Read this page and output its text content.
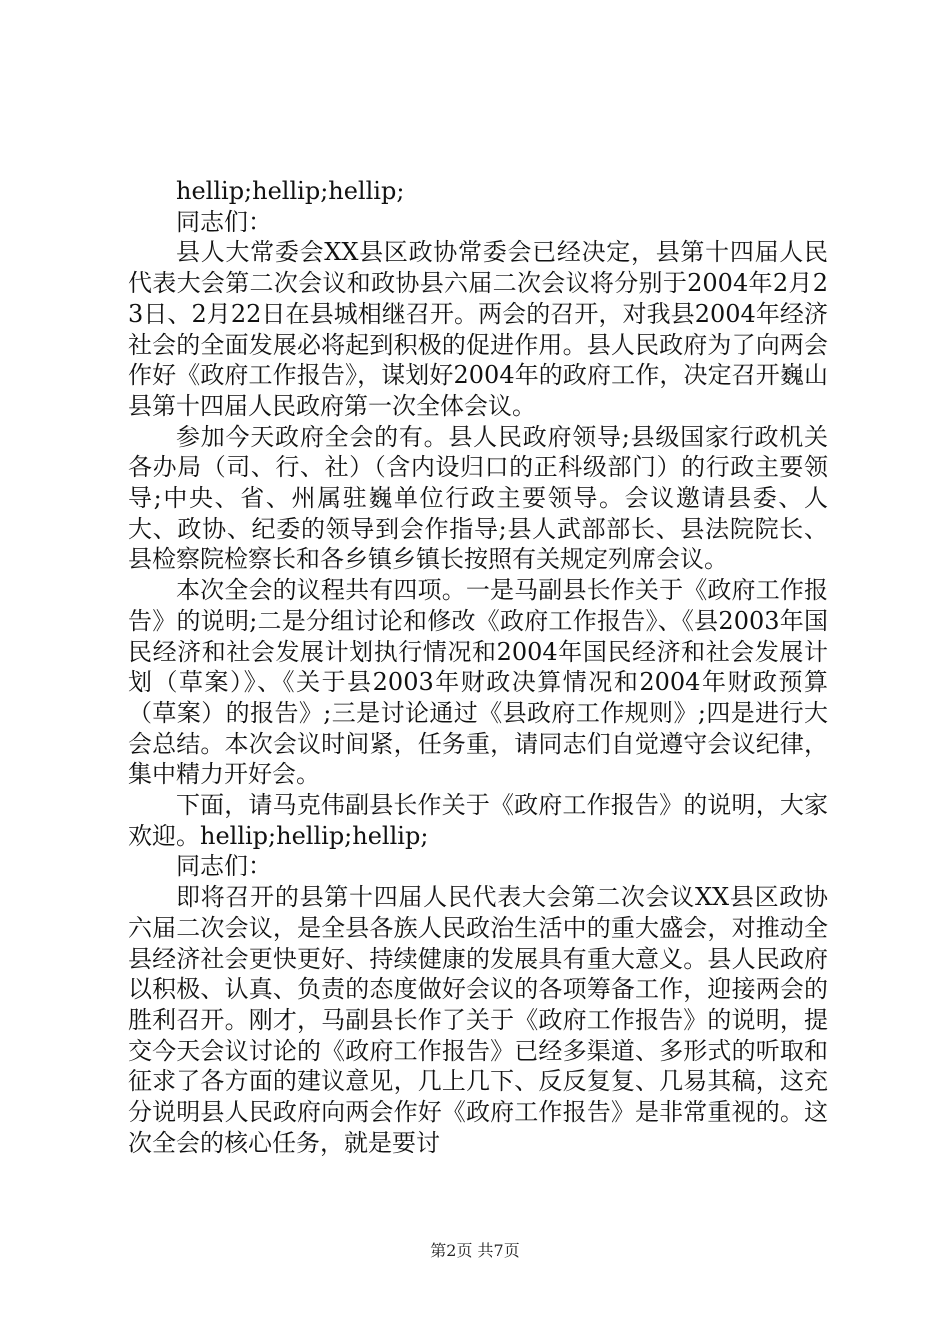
hellip;hellip;hellip;

同志们：

县人大常委会XX县区政协常委会已经决定，县第十四届人民代表大会第二次会议和政协县六届二次会议将分别于2004年2月23日、2月22日在县城相继召开。两会的召开，对我县2004年经济社会的全面发展必将起到积极的促进作用。县人民政府为了向两会作好《政府工作报告》，谋划好2004年的政府工作，决定召开巍山县第十四届人民政府第一次全体会议。

参加今天政府全会的有。县人民政府领导;县级国家行政机关各办局（司、行、社）（含内设归口的正科级部门）的行政主要领导;中央、省、州属驻巍单位行政主要领导。会议邀请县委、人大、政协、纪委的领导到会作指导;县人武部部长、县法院院长、县检察院检察长和各乡镇乡镇长按照有关规定列席会议。

本次全会的议程共有四项。一是马副县长作关于《政府工作报告》的说明;二是分组讨论和修改《政府工作报告》、《县2003年国民经济和社会发展计划执行情况和2004年国民经济和社会发展计划（草案）》、《关于县2003年财政决算情况和2004年财政预算（草案）的报告》;三是讨论通过《县政府工作规则》;四是进行大会总结。本次会议时间紧，任务重，请同志们自觉遵守会议纪律，集中精力开好会。

下面，请马克伟副县长作关于《政府工作报告》的说明，大家欢迎。hellip;hellip;hellip;

同志们：

即将召开的县第十四届人民代表大会第二次会议XX县区政协六届二次会议，是全县各族人民政治生活中的重大盛会，对推动全县经济社会更快更好、持续健康的发展具有重大意义。县人民政府以积极、认真、负责的态度做好会议的各项筹备工作，迎接两会的胜利召开。刚才，马副县长作了关于《政府工作报告》的说明，提交今天会议讨论的《政府工作报告》已经多渠道、多形式的听取和征求了各方面的建议意见，几上几下、反反复复、几易其稿，这充分说明县人民政府向两会作好《政府工作报告》是非常重视的。这次全会的核心任务，就是要讨

第2页 共7页
